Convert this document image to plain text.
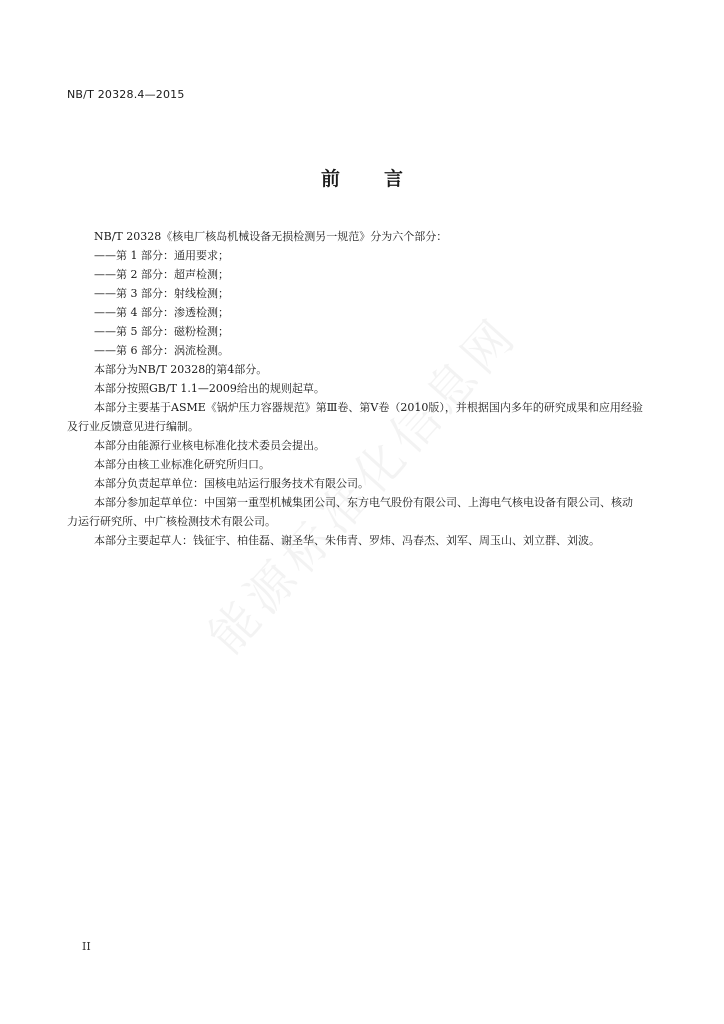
NB/T 20328.4—2015
前 言

NB/T 20328《核电厂核岛机械设备无损检测另一规范》分为六个部分：

——第 1 部分：通用要求；

——第 2 部分：超声检测；

——第 3 部分：射线检测；

——第 4 部分：渗透检测；

——第 5 部分：磁粉检测；

——第 6 部分：涡流检测。

本部分为NB/T 20328的第4部分。

本部分按照GB/T 1.1—2009给出的规则起草。

本部分主要基于ASME《锅炉压力容器规范》第Ⅲ卷、第Ⅴ卷（2010版），并根据国内多年的研究成果和应用经验及行业反馈意见进行编制。

本部分由能源行业核电标准化技术委员会提出。

本部分由核工业标准化研究所归口。

本部分负责起草单位：国核电站运行服务技术有限公司。

本部分参加起草单位：中国第一重型机械集团公司、东方电气股份有限公司、上海电气核电设备有限公司、核动力运行研究所、中广核检测技术有限公司。

本部分主要起草人：钱征宇、柏佳磊、谢圣华、朱伟青、罗炜、冯春杰、刘军、周玉山、刘立群、刘波。

II
